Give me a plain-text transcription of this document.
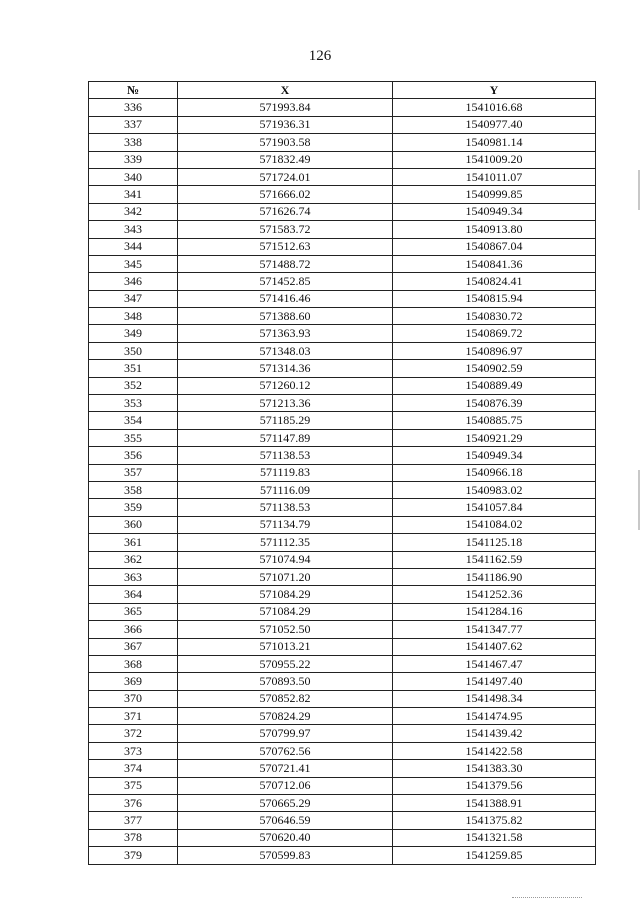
126
№	X	Y
336	571993.84	1541016.68
337	571936.31	1540977.40
338	571903.58	1540981.14
339	571832.49	1541009.20
340	571724.01	1541011.07
341	571666.02	1540999.85
342	571626.74	1540949.34
343	571583.72	1540913.80
344	571512.63	1540867.04
345	571488.72	1540841.36
346	571452.85	1540824.41
347	571416.46	1540815.94
348	571388.60	1540830.72
349	571363.93	1540869.72
350	571348.03	1540896.97
351	571314.36	1540902.59
352	571260.12	1540889.49
353	571213.36	1540876.39
354	571185.29	1540885.75
355	571147.89	1540921.29
356	571138.53	1540949.34
357	571119.83	1540966.18
358	571116.09	1540983.02
359	571138.53	1541057.84
360	571134.79	1541084.02
361	571112.35	1541125.18
362	571074.94	1541162.59
363	571071.20	1541186.90
364	571084.29	1541252.36
365	571084.29	1541284.16
366	571052.50	1541347.77
367	571013.21	1541407.62
368	570955.22	1541467.47
369	570893.50	1541497.40
370	570852.82	1541498.34
371	570824.29	1541474.95
372	570799.97	1541439.42
373	570762.56	1541422.58
374	570721.41	1541383.30
375	570712.06	1541379.56
376	570665.29	1541388.91
377	570646.59	1541375.82
378	570620.40	1541321.58
379	570599.83	1541259.85
